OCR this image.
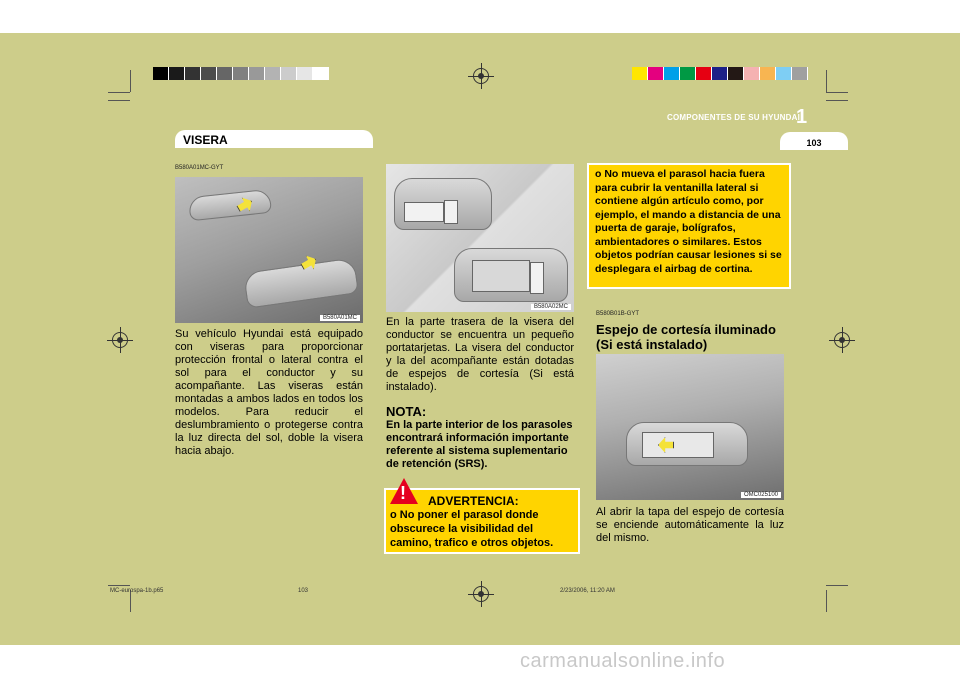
COMPONENTES DE SU HYUNDAI
1
103
VISERA
B580A01MC-GYT
B580A01MC
Su vehículo Hyundai está equipado con viseras para proporcionar protección frontal o lateral contra el sol para el conductor y su acompañante. Las viseras están montadas a ambos lados en todos los modelos. Para reducir el deslumbramiento o protegerse contra la luz directa del sol, doble la visera hacia abajo.
B580A02MC
En la parte trasera de la visera del conductor se encuentra un pequeño portatarjetas. La visera del conductor y la del acompañante están dotadas de espejos de cortesía (Si está instalado).
NOTA:
En la parte interior de los parasoles encontrará información importante referente al sistema suplementario de retención (SRS).
! ADVERTENCIA:
o No poner el parasol donde obscurece la visibilidad del camino, trafico e otros objetos.
o No mueva el parasol hacia fuera para cubrir la ventanilla lateral si contiene algún artículo como, por ejemplo, el mando a distancia de una puerta de garaje, bolígrafos, ambientadores o similares. Estos objetos podrían causar lesiones si se desplegara el airbag de cortina.
B580B01B-GYT
Espejo de cortesía iluminado (Si está instalado)
OMC025100
Al abrir la tapa del espejo de cortesía se enciende automáticamente la luz del mismo.
MC-eurospa-1b.p65	103	2/23/2006, 11:20 AM
carmanualsonline.info
